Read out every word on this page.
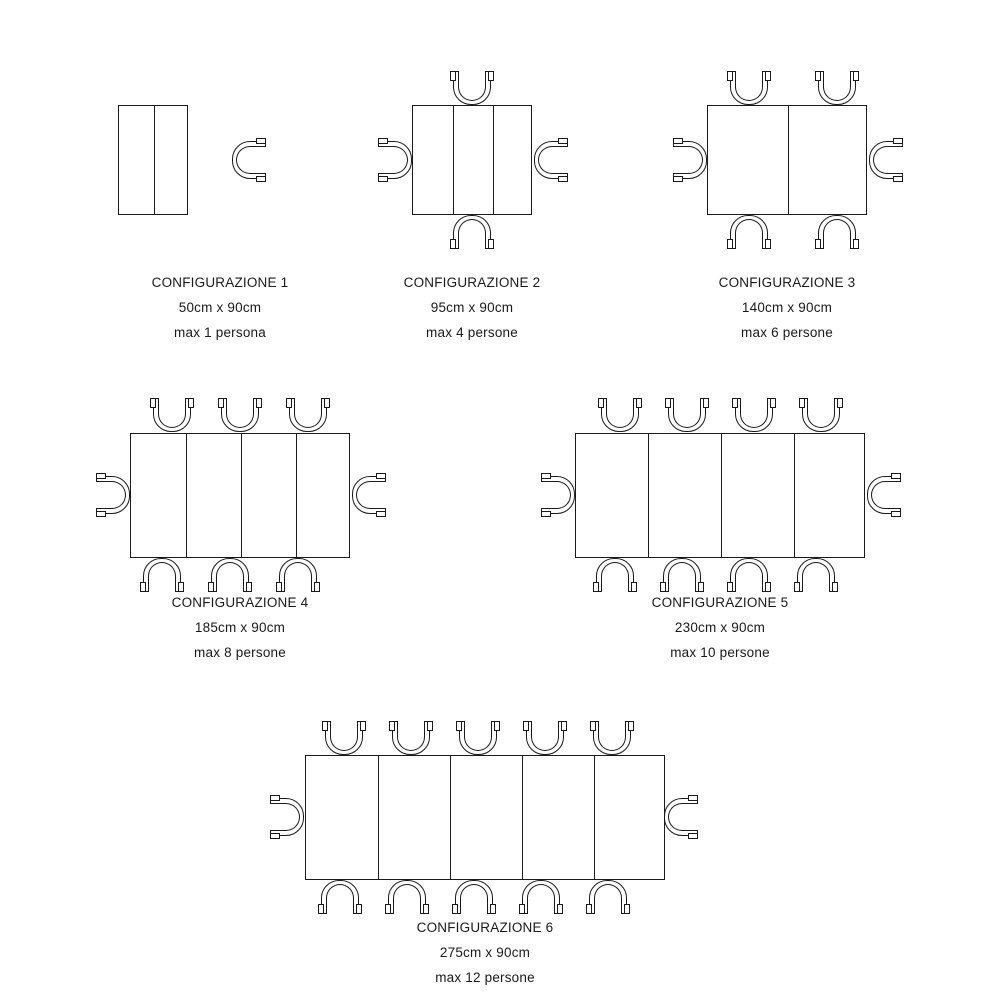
CONFIGURAZIONE 1
50cm x 90cm
max 1 persona
CONFIGURAZIONE 2
95cm x 90cm
max 4 persone
CONFIGURAZIONE 3
140cm x 90cm
max 6 persone
CONFIGURAZIONE 4
185cm x 90cm
max 8 persone
CONFIGURAZIONE 5
230cm x 90cm
max 10 persone
CONFIGURAZIONE 6
275cm x 90cm
max 12 persone
